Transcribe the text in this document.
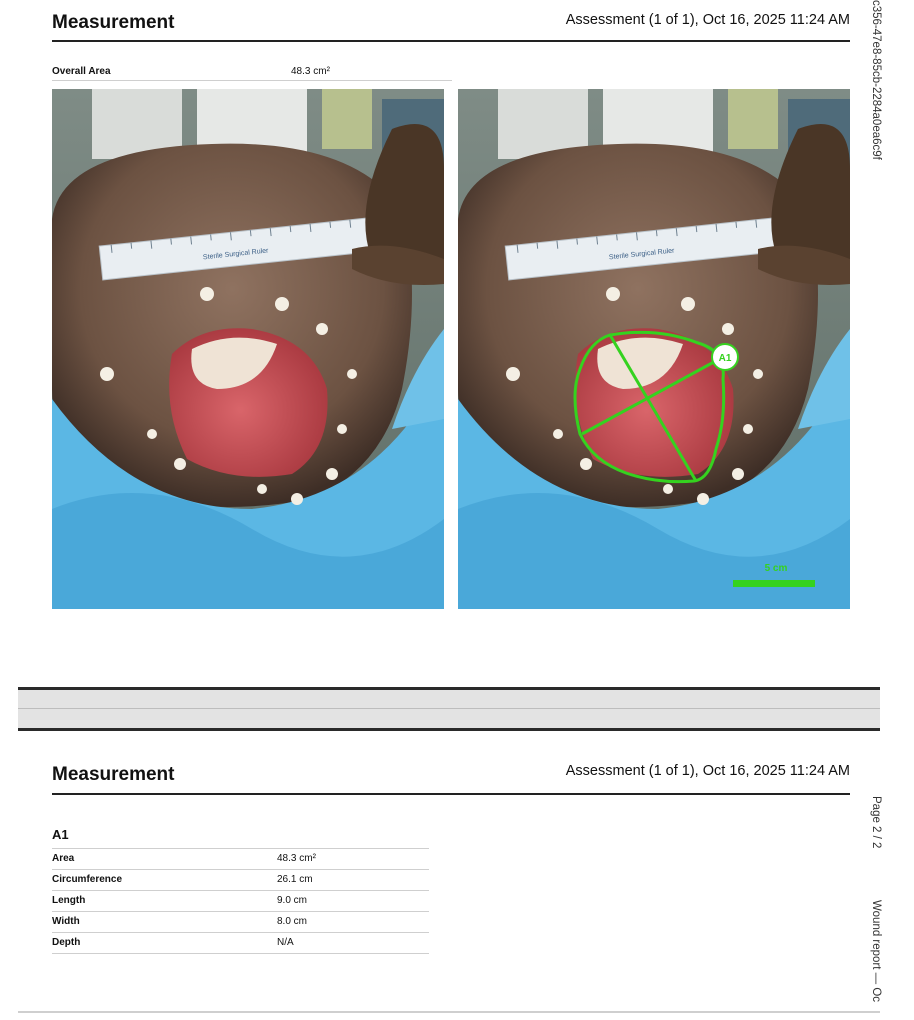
Measurement	Assessment (1 of 1), Oct 16, 2025 11:24 AM c356-47e8-85cb-2284a0ea6c9f
Overall Area	48.3 cm²
Sterile Surgical Ruler	Sterile Surgical Ruler
A1
5 cm
Measurement	Assessment (1 of 1), Oct 16, 2025 11:24 AM
Page 2 / 2
Wound report — Oc
A1
Area	48.3 cm²
Circumference	26.1 cm
Length	9.0 cm
Width	8.0 cm
Depth	N/A
